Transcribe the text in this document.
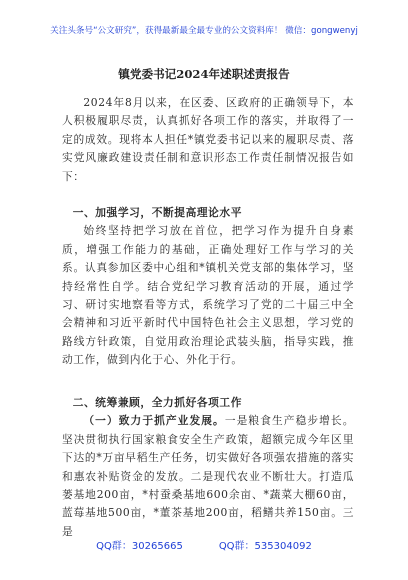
关注头条号“公文研究”，获得最新最全最专业的公文资料库！ 微信：gongwenyj
镇党委书记2024年述职述责报告

2024年8月以来，在区委、区政府的正确领导下，本人积极履职尽责，认真抓好各项工作的落实，并取得了一定的成效。现将本人担任*镇党委书记以来的履职尽责、落实党风廉政建设责任制和意识形态工作责任制情况报告如下：

一、加强学习，不断提高理论水平

始终坚持把学习放在首位，把学习作为提升自身素质，增强工作能力的基础，正确处理好工作与学习的关系。认真参加区委中心组和*镇机关党支部的集体学习，坚持经常性自学。结合党纪学习教育活动的开展，通过学习、研讨实地察看等方式，系统学习了党的二十届三中全会精神和习近平新时代中国特色社会主义思想，学习党的路线方针政策，自觉用政治理论武装头脑，指导实践，推动工作，做到内化于心、外化于行。

二、统筹兼顾，全力抓好各项工作

（一）致力于抓产业发展。一是粮食生产稳步增长。坚决贯彻执行国家粮食安全生产政策，超额完成今年区里下达的*万亩早稻生产任务，切实做好各项强农措施的落实和惠农补贴资金的发放。二是现代农业不断壮大。打造瓜蒌基地200亩，*村蚕桑基地600余亩、*蔬菜大棚60亩，蓝莓基地500亩，*董茶基地200亩，稻鳝共养150亩。三是

QQ群：30265665	QQ群：535304092
